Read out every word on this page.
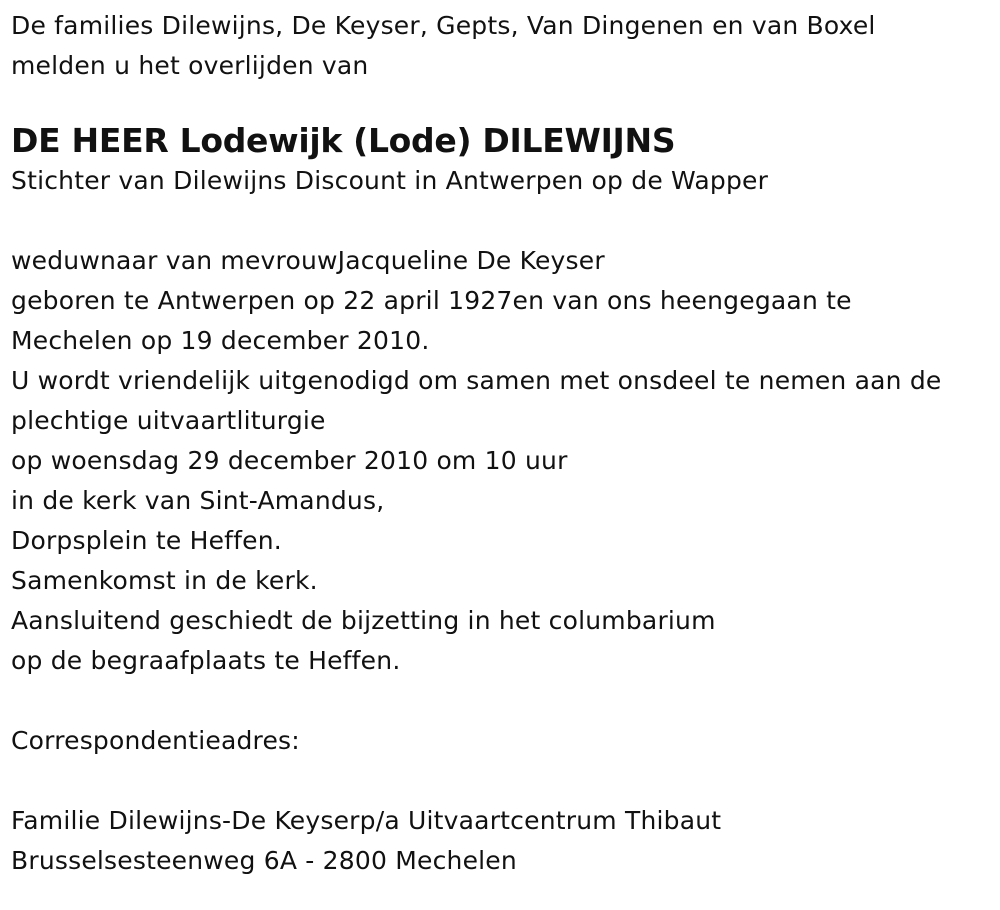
De families Dilewijns, De Keyser, Gepts, Van Dingenen en van Boxel
melden u het overlijden van
DE HEER Lodewijk (Lode) DILEWIJNS
Stichter van Dilewijns Discount in Antwerpen op de Wapper
weduwnaar van mevrouwJacqueline De Keyser
geboren te Antwerpen op 22 april 1927en van ons heengegaan te
Mechelen op 19 december 2010.
U wordt vriendelijk uitgenodigd om samen met onsdeel te nemen aan de
plechtige uitvaartliturgie
op woensdag 29 december 2010 om 10 uur
in de kerk van Sint-Amandus,
Dorpsplein te Heffen.
Samenkomst in de kerk.
Aansluitend geschiedt de bijzetting in het columbarium
op de begraafplaats te Heffen.
Correspondentieadres:
Familie Dilewijns-De Keyserp/a Uitvaartcentrum Thibaut
Brusselsesteenweg 6A - 2800 Mechelen
